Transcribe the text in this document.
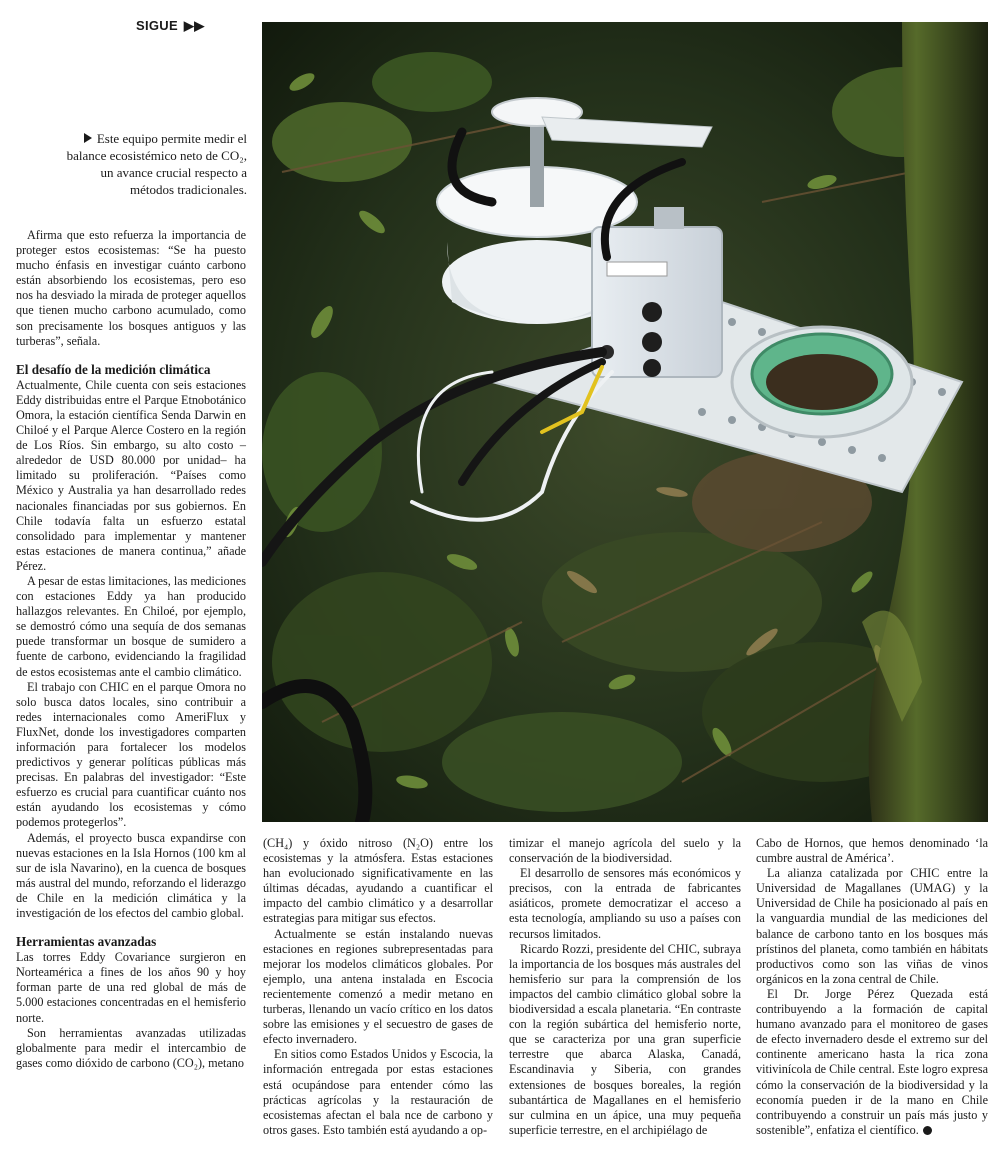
SIGUE ▶▶
Este equipo permite medir el balance ecosistémico neto de CO₂, un avance crucial respecto a métodos tradicionales.

Afirma que esto refuerza la importancia de proteger estos ecosistemas: “Se ha puesto mucho énfasis en investigar cuánto carbono están absorbiendo los ecosistemas, pero eso nos ha desviado la mirada de proteger aquellos que tienen mucho carbono acumulado, como son precisamente los bosques antiguos y las turberas”, señala.

El desafío de la medición climática

Actualmente, Chile cuenta con seis estaciones Eddy distribuidas entre el Parque Etnobotánico Omora, la estación científica Senda Darwin en Chiloé y el Parque Alerce Costero en la región de Los Ríos. Sin embargo, su alto costo –alrededor de USD 80.000 por unidad– ha limitado su proliferación. “Países como México y Australia ya han desarrollado redes nacionales financiadas por sus gobiernos. En Chile todavía falta un esfuerzo estatal consolidado para implementar y mantener estas estaciones de manera continua,” añade Pérez.

A pesar de estas limitaciones, las mediciones con estaciones Eddy ya han producido hallazgos relevantes. En Chiloé, por ejemplo, se demostró cómo una sequía de dos semanas puede transformar un bosque de sumidero a fuente de carbono, evidenciando la fragilidad de estos ecosistemas ante el cambio climático.

El trabajo con CHIC en el parque Omora no solo busca datos locales, sino contribuir a redes internacionales como AmeriFlux y FluxNet, donde los investigadores comparten información para fortalecer los modelos predictivos y generar políticas públicas más precisas. En palabras del investigador: “Este esfuerzo es crucial para cuantificar cuánto nos están ayudando los ecosistemas y cómo podemos protegerlos”.

Además, el proyecto busca expandirse con nuevas estaciones en la Isla Hornos (100 km al sur de isla Navarino), en la cuenca de bosques más austral del mundo, reforzando el liderazgo de Chile en la medición climática y la investigación de los efectos del cambio global.

Herramientas avanzadas

Las torres Eddy Covariance surgieron en Norteamérica a fines de los años 90 y hoy forman parte de una red global de más de 5.000 estaciones concentradas en el hemisferio norte.

Son herramientas avanzadas utilizadas globalmente para medir el intercambio de gases como dióxido de carbono (CO₂), metano

(CH₄) y óxido nitroso (N₂O) entre los ecosistemas y la atmósfera. Estas estaciones han evolucionado significativamente en las últimas décadas, ayudando a cuantificar el impacto del cambio climático y a desarrollar estrategias para mitigar sus efectos.

Actualmente se están instalando nuevas estaciones en regiones subrepresentadas para mejorar los modelos climáticos globales. Por ejemplo, una antena instalada en Escocia recientemente comenzó a medir metano en turberas, llenando un vacío crítico en los datos sobre las emisiones y el secuestro de gases de efecto invernadero.

En sitios como Estados Unidos y Escocia, la información entregada por estas estaciones está ocupándose para entender cómo las prácticas agrícolas y la restauración de ecosistemas afectan el bala nce de carbono y otros gases. Esto también está ayudando a op-

timizar el manejo agrícola del suelo y la conservación de la biodiversidad.

El desarrollo de sensores más económicos y precisos, con la entrada de fabricantes asiáticos, promete democratizar el acceso a esta tecnología, ampliando su uso a países con recursos limitados.

Ricardo Rozzi, presidente del CHIC, subraya la importancia de los bosques más australes del hemisferio sur para la comprensión de los impactos del cambio climático global sobre la biodiversidad a escala planetaria. “En contraste con la región subártica del hemisferio norte, que se caracteriza por una gran superficie terrestre que abarca Alaska, Canadá, Escandinavia y Siberia, con grandes extensiones de bosques boreales, la región subantártica de Magallanes en el hemisferio sur culmina en un ápice, una muy pequeña superficie terrestre, en el archipiélago de

Cabo de Hornos, que hemos denominado ‘la cumbre austral de América’.

La alianza catalizada por CHIC entre la Universidad de Magallanes (UMAG) y la Universidad de Chile ha posicionado al país en la vanguardia mundial de las mediciones del balance de carbono tanto en los bosques más prístinos del planeta, como también en hábitats productivos como son las viñas de vinos orgánicos en la zona central de Chile.

El Dr. Jorge Pérez Quezada está contribuyendo a la formación de capital humano avanzado para el monitoreo de gases de efecto invernadero desde el extremo sur del continente americano hasta la rica zona vitivinícola de Chile central. Este logro expresa cómo la conservación de la biodiversidad y la economía pueden ir de la mano en Chile contribuyendo a construir un país más justo y sostenible”, enfatiza el científico.
